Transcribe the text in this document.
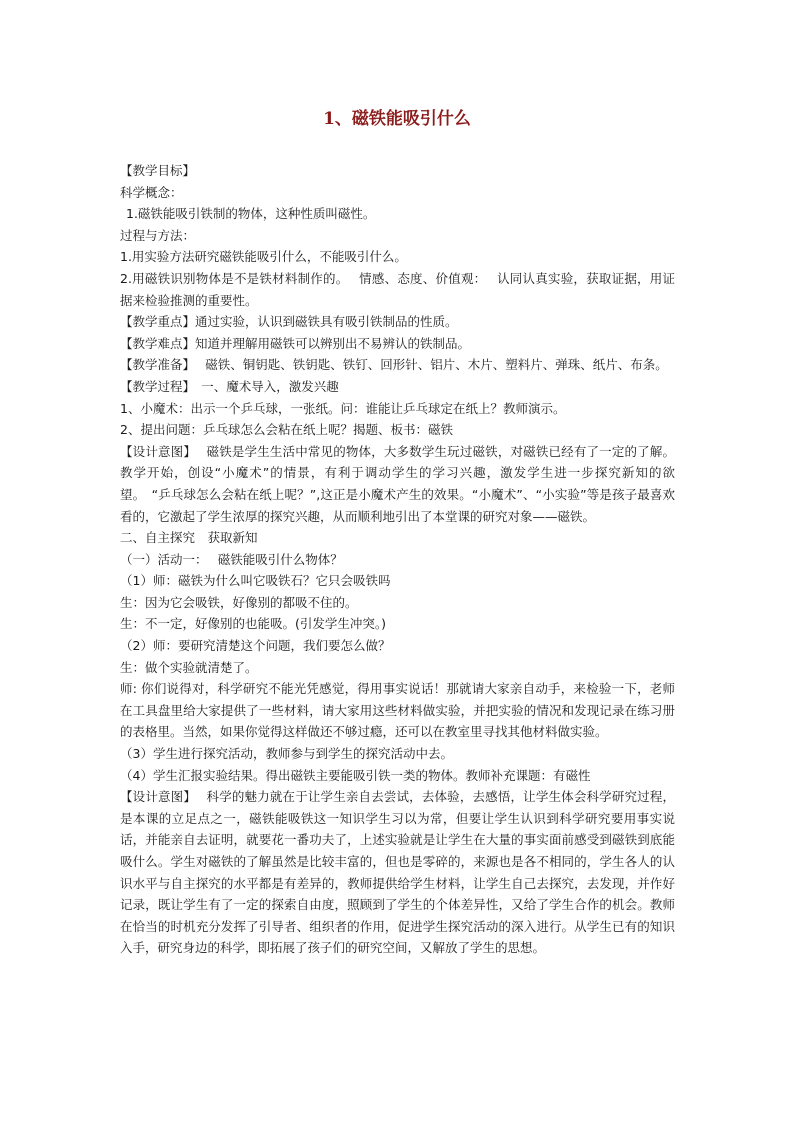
1、磁铁能吸引什么

【教学目标】

科学概念：

1.磁铁能吸引铁制的物体，这种性质叫磁性。

过程与方法：

1.用实验方法研究磁铁能吸引什么，不能吸引什么。

2.用磁铁识别物体是不是铁材料制作的。　 情感、态度、价值观：　 认同认真实验，获取证据，用证据来检验推测的重要性。

【教学重点】通过实验，认识到磁铁具有吸引铁制品的性质。

【教学难点】知道并理解用磁铁可以辨别出不易辨认的铁制品。

【教学准备】　 磁铁、铜钥匙、铁钥匙、铁钉、回形针、铝片、木片、塑料片、弹珠、纸片、布条。

【教学过程】　一、魔术导入，激发兴趣

1、小魔术：出示一个乒乓球，一张纸。问：谁能让乒乓球定在纸上？教师演示。

2、提出问题：乒乓球怎么会粘在纸上呢？揭题、板书：磁铁

【设计意图】　 磁铁是学生生活中常见的物体，大多数学生玩过磁铁，对磁铁已经有了一定的了解。教学开始，创设“小魔术”的情景，有利于调动学生的学习兴趣，激发学生进一步探究新知的欲望。　“乒乓球怎么会粘在纸上呢？”,这正是小魔术产生的效果。“小魔术”、“小实验”等是孩子最喜欢看的，它激起了学生浓厚的探究兴趣，从而顺利地引出了本堂课的研究对象——磁铁。

二、自主探究　获取新知

（一）活动一：　 磁铁能吸引什么物体？

（1）师：磁铁为什么叫它吸铁石？它只会吸铁吗

生：因为它会吸铁，好像别的都吸不住的。

生：不一定，好像别的也能吸。(引发学生冲突。)

（2）师：要研究清楚这个问题，我们要怎么做？

生：做个实验就清楚了。

师: 你们说得对，科学研究不能光凭感觉，得用事实说话！那就请大家亲自动手，来检验一下，老师在工具盘里给大家提供了一些材料，请大家用这些材料做实验，并把实验的情况和发现记录在练习册的表格里。当然，如果你觉得这样做还不够过瘾，还可以在教室里寻找其他材料做实验。

（3）学生进行探究活动，教师参与到学生的探究活动中去。

（4）学生汇报实验结果。得出磁铁主要能吸引铁一类的物体。教师补充课题：有磁性

【设计意图】　 科学的魅力就在于让学生亲自去尝试，去体验，去感悟，让学生体会科学研究过程，是本课的立足点之一，磁铁能吸铁这一知识学生习以为常，但要让学生认识到科学研究要用事实说话，并能亲自去证明，就要花一番功夫了，上述实验就是让学生在大量的事实面前感受到磁铁到底能吸什么。学生对磁铁的了解虽然是比较丰富的，但也是零碎的，来源也是各不相同的，学生各人的认识水平与自主探究的水平都是有差异的，教师提供给学生材料，让学生自己去探究，去发现，并作好记录，既让学生有了一定的探索自由度，照顾到了学生的个体差异性，又给了学生合作的机会。教师在恰当的时机充分发挥了引导者、组织者的作用，促进学生探究活动的深入进行。从学生已有的知识入手，研究身边的科学，即拓展了孩子们的研究空间，又解放了学生的思想。
